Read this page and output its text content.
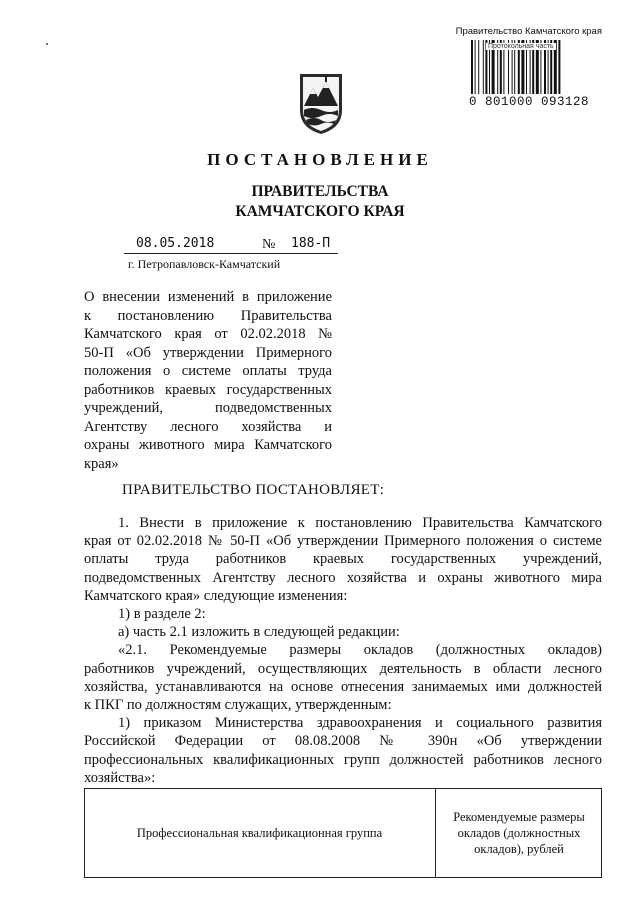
Правительство Камчатского края
Протокольная часть
0 801000 093128
ПОСТАНОВЛЕНИЕ
ПРАВИТЕЛЬСТВА
КАМЧАТСКОГО КРАЯ
08.05.2018	№ 188-П
г. Петропавловск-Камчатский
О внесении изменений в приложение
к постановлению Правительства
Камчатского края от 02.02.2018 №
50-П «Об утверждении Примерного
положения о системе оплаты труда
работников краевых государственных
учреждений, подведомственных
Агентству лесного хозяйства и
охраны животного мира Камчатского
края»
ПРАВИТЕЛЬСТВО ПОСТАНОВЛЯЕТ:
1. Внести в приложение к постановлению Правительства Камчатского
края от 02.02.2018 № 50-П «Об утверждении Примерного положения о системе
оплаты труда работников краевых государственных учреждений,
подведомственных Агентству лесного хозяйства и охраны животного мира
Камчатского края» следующие изменения:
1) в разделе 2:
а) часть 2.1 изложить в следующей редакции:
«2.1. Рекомендуемые размеры окладов (должностных окладов)
работников учреждений, осуществляющих деятельность в области лесного
хозяйства, устанавливаются на основе отнесения занимаемых ими должностей
к ПКГ по должностям служащих, утвержденным:
1) приказом Министерства здравоохранения и социального развития
Российской Федерации от 08.08.2008 № 390н «Об утверждении
профессиональных квалификационных групп должностей работников лесного
хозяйства»:
Профессиональная квалификационная группа
Рекомендуемые размеры окладов (должностных окладов), рублей
